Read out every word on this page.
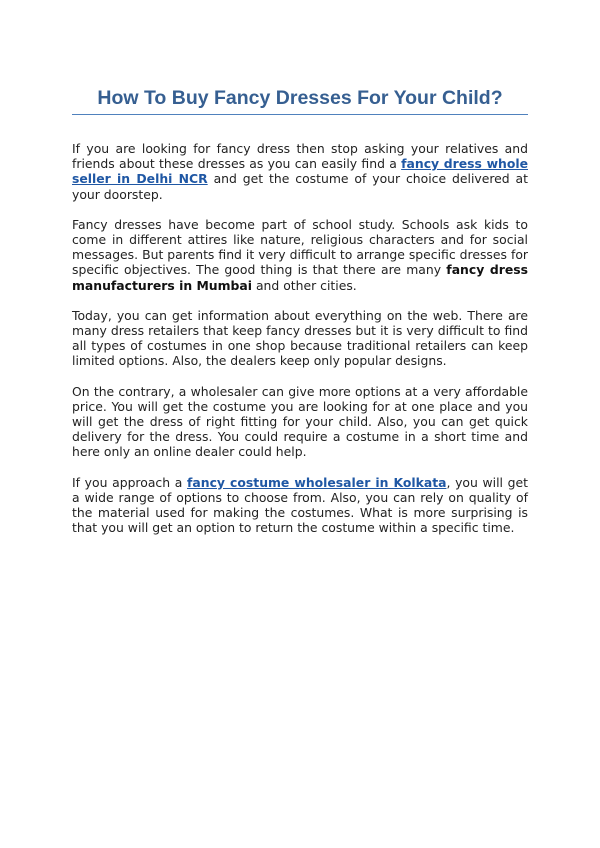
How To Buy Fancy Dresses For Your Child?

If you are looking for fancy dress then stop asking your relatives and friends about these dresses as you can easily find a fancy dress whole seller in Delhi NCR and get the costume of your choice delivered at your doorstep.

Fancy dresses have become part of school study. Schools ask kids to come in different attires like nature, religious characters and for social messages. But parents find it very difficult to arrange specific dresses for specific objectives. The good thing is that there are many fancy dress manufacturers in Mumbai and other cities.

Today, you can get information about everything on the web. There are many dress retailers that keep fancy dresses but it is very difficult to find all types of costumes in one shop because traditional retailers can keep limited options. Also, the dealers keep only popular designs.

On the contrary, a wholesaler can give more options at a very affordable price. You will get the costume you are looking for at one place and you will get the dress of right fitting for your child. Also, you can get quick delivery for the dress. You could require a costume in a short time and here only an online dealer could help.

If you approach a fancy costume wholesaler in Kolkata, you will get a wide range of options to choose from. Also, you can rely on quality of the material used for making the costumes. What is more surprising is that you will get an option to return the costume within a specific time.
